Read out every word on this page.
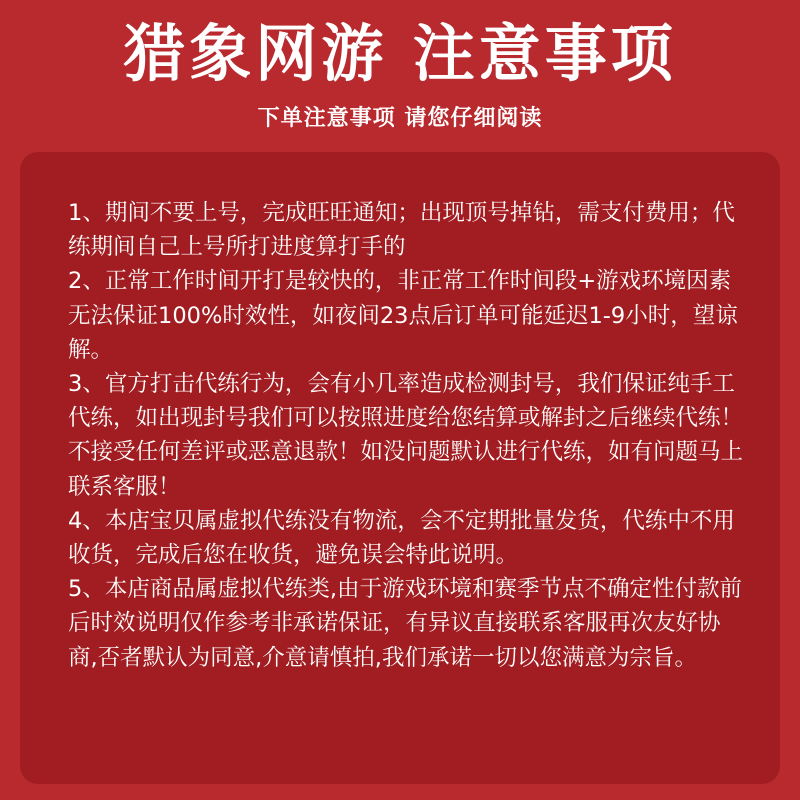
猎象网游 注意事项
下单注意事项 请您仔细阅读
1、期间不要上号，完成旺旺通知；出现顶号掉钻，需支付费用；代练期间自己上号所打进度算打手的
2、正常工作时间开打是较快的，非正常工作时间段+游戏环境因素无法保证100%时效性，如夜间23点后订单可能延迟1-9小时，望谅解。
3、官方打击代练行为，会有小几率造成检测封号，我们保证纯手工代练，如出现封号我们可以按照进度给您结算或解封之后继续代练！不接受任何差评或恶意退款！如没问题默认进行代练，如有问题马上联系客服！
4、本店宝贝属虚拟代练没有物流，会不定期批量发货，代练中不用收货，完成后您在收货，避免误会特此说明。
5、本店商品属虚拟代练类,由于游戏环境和赛季节点不确定性付款前后时效说明仅作参考非承诺保证，有异议直接联系客服再次友好协商,否者默认为同意,介意请慎拍,我们承诺一切以您满意为宗旨。
